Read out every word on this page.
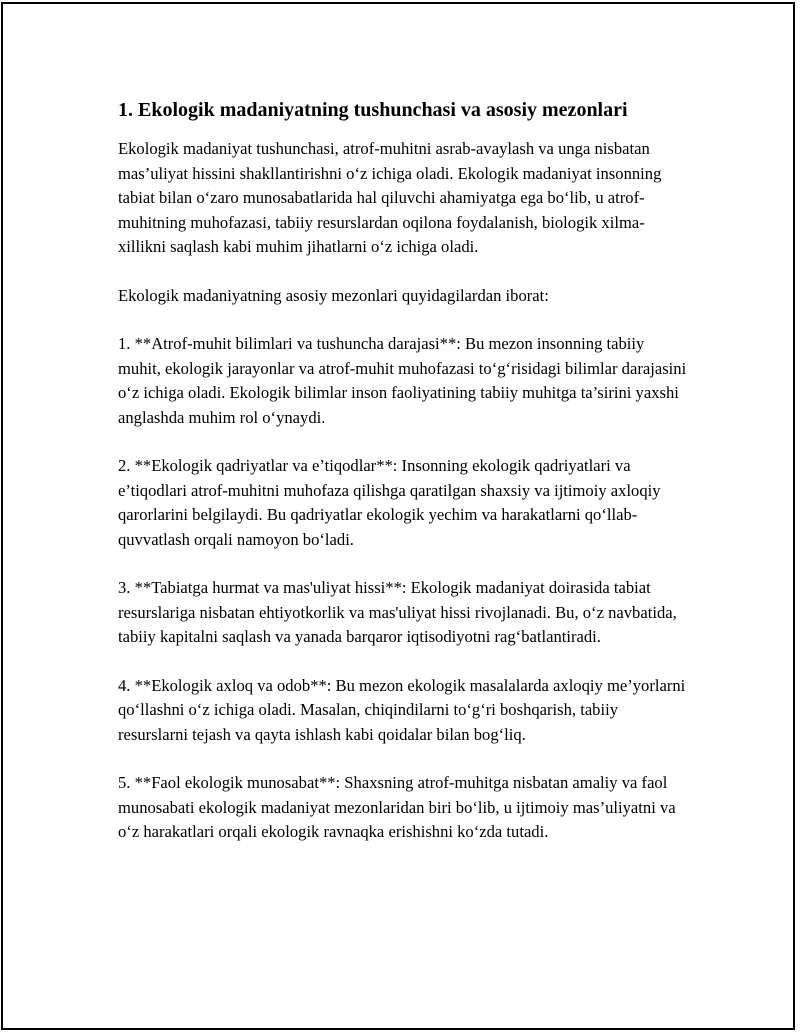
1. Ekologik madaniyatning tushunchasi va asosiy mezonlari

Ekologik madaniyat tushunchasi, atrof-muhitni asrab-avaylash va unga nisbatan mas’uliyat hissini shakllantirishni o‘z ichiga oladi. Ekologik madaniyat insonning tabiat bilan o‘zaro munosabatlarida hal qiluvchi ahamiyatga ega bo‘lib, u atrof-muhitning muhofazasi, tabiiy resurslardan oqilona foydalanish, biologik xilma-xillikni saqlash kabi muhim jihatlarni o‘z ichiga oladi.

Ekologik madaniyatning asosiy mezonlari quyidagilardan iborat:

1. **Atrof-muhit bilimlari va tushuncha darajasi**: Bu mezon insonning tabiiy muhit, ekologik jarayonlar va atrof-muhit muhofazasi to‘g‘risidagi bilimlar darajasini o‘z ichiga oladi. Ekologik bilimlar inson faoliyatining tabiiy muhitga ta’sirini yaxshi anglashda muhim rol o‘ynaydi.

2. **Ekologik qadriyatlar va e’tiqodlar**: Insonning ekologik qadriyatlari va e’tiqodlari atrof-muhitni muhofaza qilishga qaratilgan shaxsiy va ijtimoiy axloqiy qarorlarini belgilaydi. Bu qadriyatlar ekologik yechim va harakatlarni qo‘llab-quvvatlash orqali namoyon bo‘ladi.

3. **Tabiatga hurmat va mas'uliyat hissi**: Ekologik madaniyat doirasida tabiat resurslariga nisbatan ehtiyotkorlik va mas'uliyat hissi rivojlanadi. Bu, o‘z navbatida, tabiiy kapitalni saqlash va yanada barqaror iqtisodiyotni rag‘batlantiradi.

4. **Ekologik axloq va odob**: Bu mezon ekologik masalalarda axloqiy me’yorlarni qo‘llashni o‘z ichiga oladi. Masalan, chiqindilarni to‘g‘ri boshqarish, tabiiy resurslarni tejash va qayta ishlash kabi qoidalar bilan bog‘liq.

5. **Faol ekologik munosabat**: Shaxsning atrof-muhitga nisbatan amaliy va faol munosabati ekologik madaniyat mezonlaridan biri bo‘lib, u ijtimoiy mas’uliyatni va o‘z harakatlari orqali ekologik ravnaqka erishishni ko‘zda tutadi.
